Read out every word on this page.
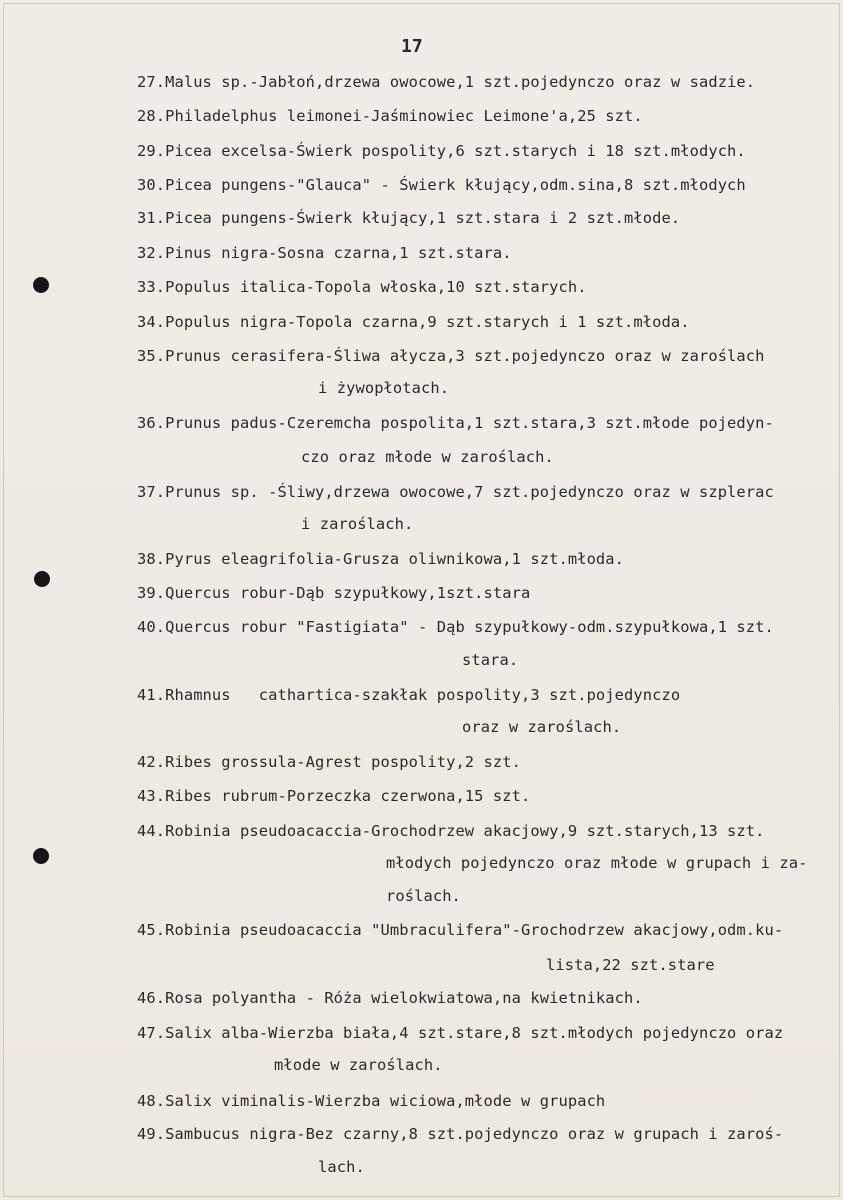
17
27.Malus sp.-Jabłoń,drzewa owocowe,1 szt.pojedynczo oraz w sadzie.
28.Philadelphus leimonei-Jaśminowiec Leimone'a,25 szt.
29.Picea excelsa-Świerk pospolity,6 szt.starych i 18 szt.młodych.
30.Picea pungens-"Glauca" - Świerk kłujący,odm.sina,8 szt.młodych
31.Picea pungens-Świerk kłujący,1 szt.stara i 2 szt.młode.
32.Pinus nigra-Sosna czarna,1 szt.stara.
33.Populus italica-Topola włoska,10 szt.starych.
34.Populus nigra-Topola czarna,9 szt.starych i 1 szt.młoda.
35.Prunus cerasifera-Śliwa ałycza,3 szt.pojedynczo oraz w zaroślach
i żywopłotach.
36.Prunus padus-Czeremcha pospolita,1 szt.stara,3 szt.młode pojedyn-
czo oraz młode w zaroślach.
37.Prunus sp. -Śliwy,drzewa owocowe,7 szt.pojedynczo oraz w szplerac
i zaroślach.
38.Pyrus eleagrifolia-Grusza oliwnikowa,1 szt.młoda.
39.Quercus robur-Dąb szypułkowy,1szt.stara
40.Quercus robur "Fastigiata" - Dąb szypułkowy-odm.szypułkowa,1 szt.
stara.
41.Rhamnus   cathartica-szakłak pospolity,3 szt.pojedynczo
oraz w zaroślach.
42.Ribes grossula-Agrest pospolity,2 szt.
43.Ribes rubrum-Porzeczka czerwona,15 szt.
44.Robinia pseudoacaccia-Grochodrzew akacjowy,9 szt.starych,13 szt.
młodych pojedynczo oraz młode w grupach i za-
roślach.
45.Robinia pseudoacaccia "Umbraculifera"-Grochodrzew akacjowy,odm.ku-
lista,22 szt.stare
46.Rosa polyantha - Róża wielokwiatowa,na kwietnikach.
47.Salix alba-Wierzba biała,4 szt.stare,8 szt.młodych pojedynczo oraz
młode w zaroślach.
48.Salix viminalis-Wierzba wiciowa,młode w grupach
49.Sambucus nigra-Bez czarny,8 szt.pojedynczo oraz w grupach i zaroś-
lach.
